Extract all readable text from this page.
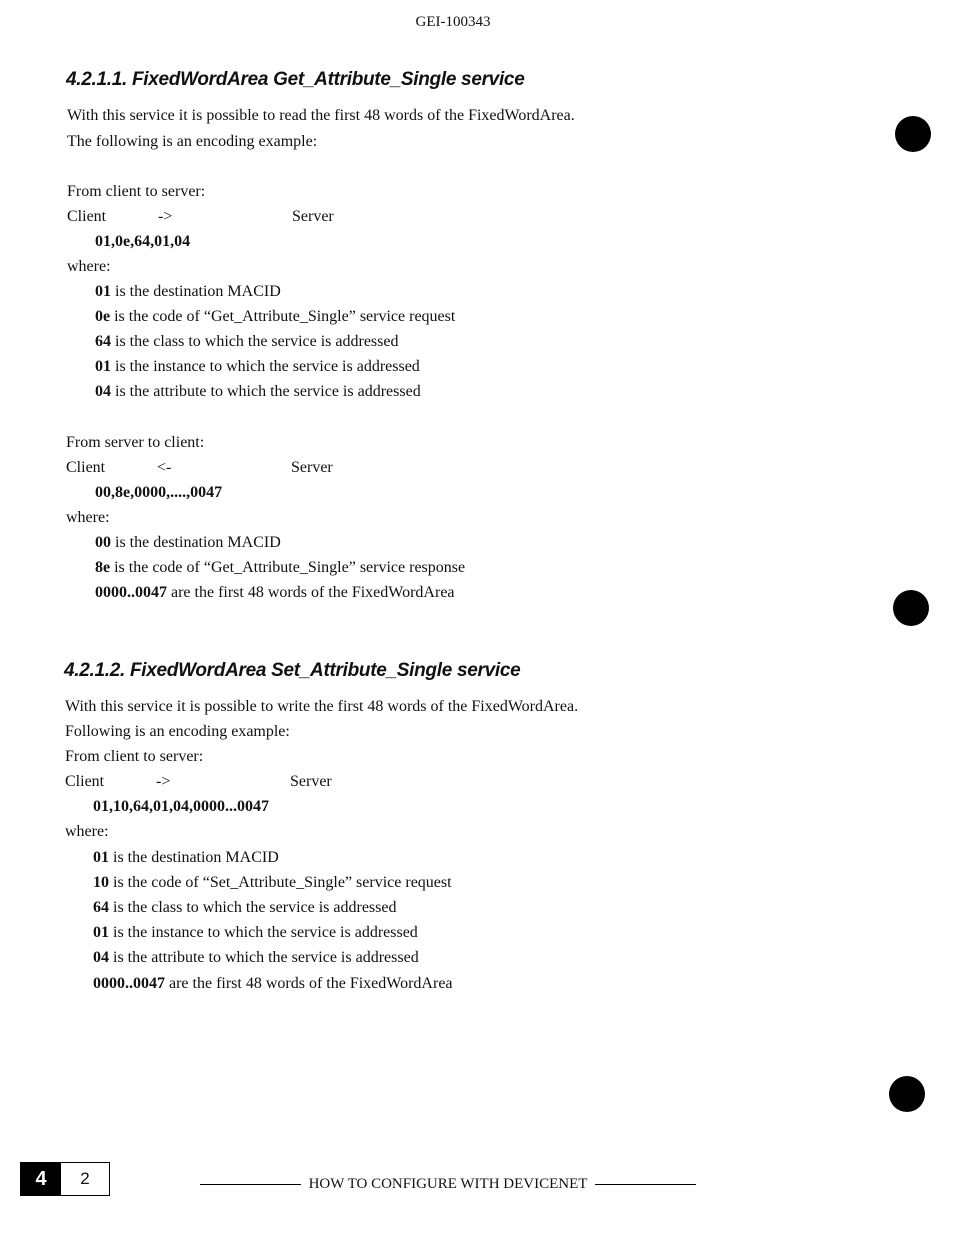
GEI-100343
4.2.1.1. FixedWordArea Get_Attribute_Single service
With this service it is possible to read the first 48 words of the FixedWordArea.
The following is an encoding example:
From client to server:
Client	->	Server
01,0e,64,01,04
where:
01 is the destination MACID
0e is the code of “Get_Attribute_Single” service request
64 is the class to which the service is addressed
01 is the instance to which the service is addressed
04 is the attribute to which the service is addressed
From server to client:
Client	<-	Server
00,8e,0000,....,0047
where:
00 is the destination MACID
8e is the code of “Get_Attribute_Single” service response
0000..0047 are the first 48 words of the FixedWordArea
4.2.1.2. FixedWordArea Set_Attribute_Single service
With this service it is possible to write the first 48 words of the FixedWordArea.
Following is an encoding example:
From client to server:
Client	->	Server
01,10,64,01,04,0000...0047
where:
01 is the destination MACID
10 is the code of “Set_Attribute_Single” service request
64 is the class to which the service is addressed
01 is the instance to which the service is addressed
04 is the attribute to which the service is addressed
0000..0047 are the first 48 words of the FixedWordArea
4	2	HOW TO CONFIGURE WITH DEVICENET
